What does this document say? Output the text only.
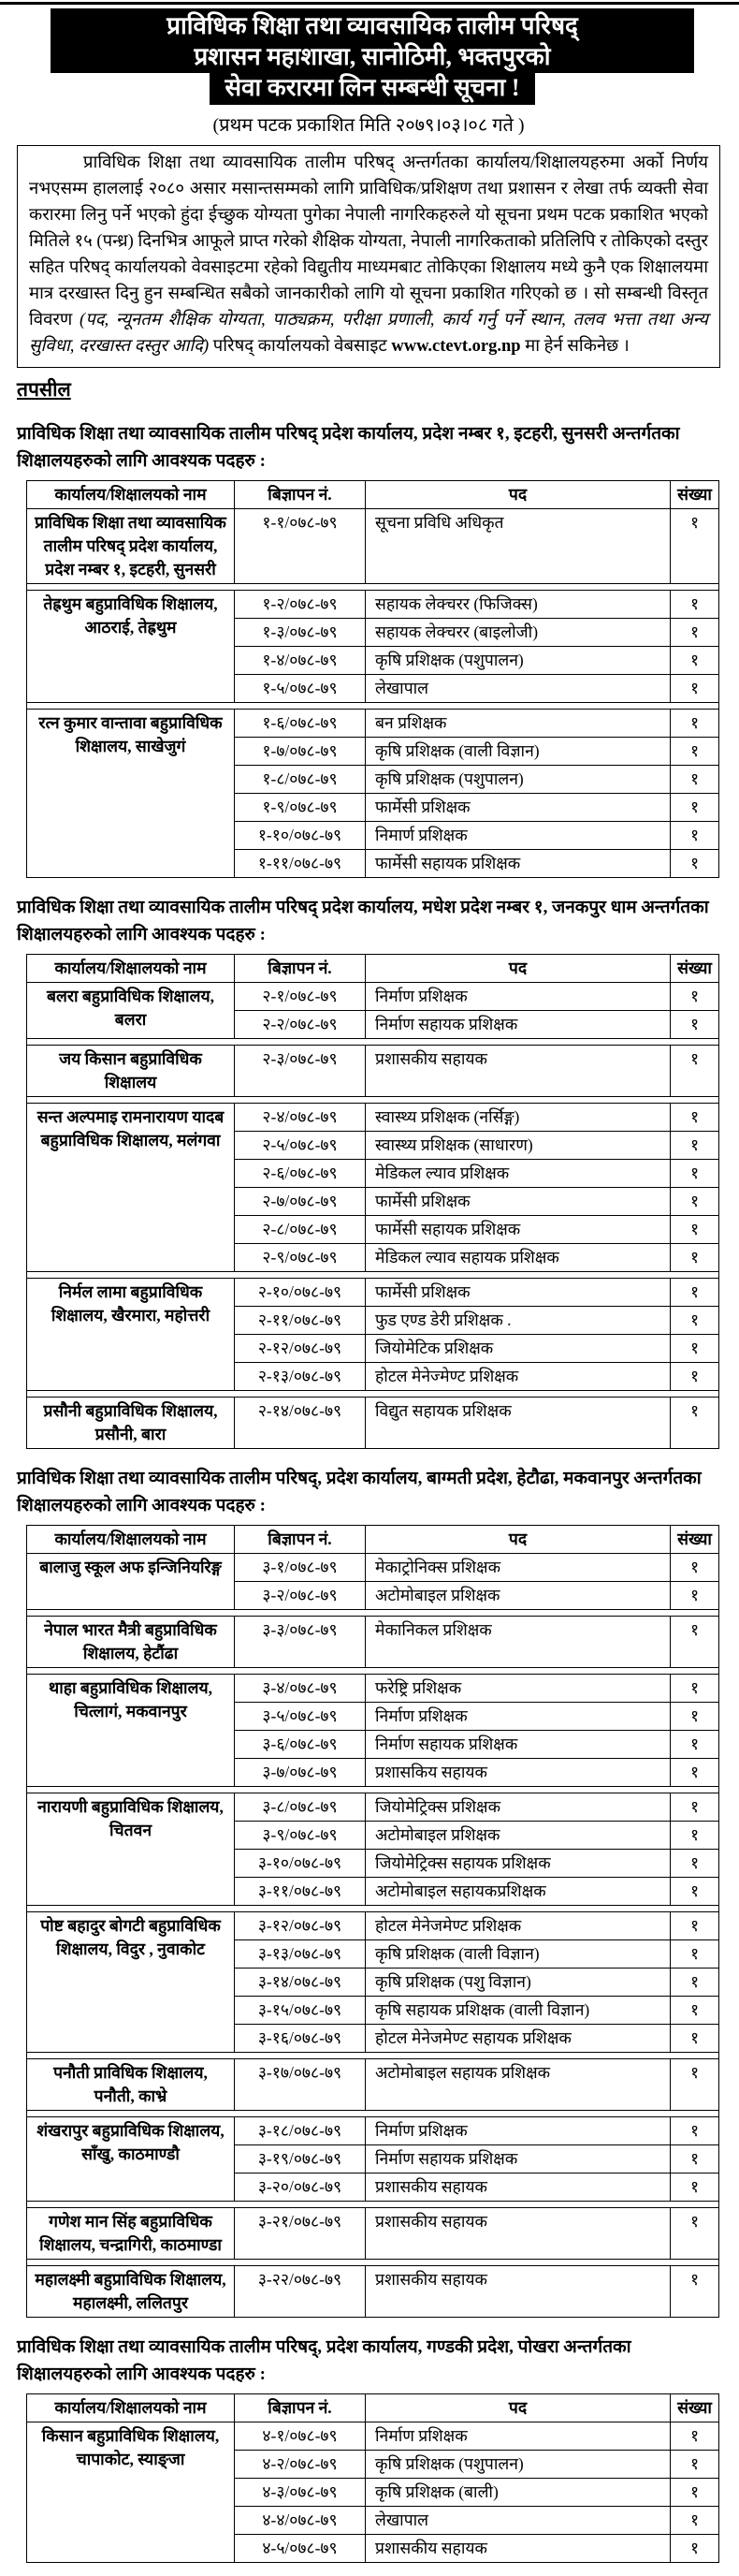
प्राविधिक शिक्षा तथा व्यावसायिक तालीम परिषद्
प्रशासन महाशाखा, सानोठिमी, भक्तपुरको
सेवा करारमा लिन सम्बन्धी सूचना !
(प्रथम पटक प्रकाशित मिति २०७९।०३।०८ गते )

प्राविधिक शिक्षा तथा व्यावसायिक तालीम परिषद् अन्तर्गतका कार्यालय/शिक्षालयहरुमा अर्को निर्णय नभएसम्म हाललाई २०८० असार मसान्तसम्मको लागि प्राविधिक/प्रशिक्षण तथा प्रशासन र लेखा तर्फ व्यक्ती सेवा करारमा लिनु पर्ने भएको हुंदा ईच्छुक योग्यता पुगेका नेपाली नागरिकहरुले यो सूचना प्रथम पटक प्रकाशित भएको मितिले १५ (पन्ध्र) दिनभित्र आफूले प्राप्त गरेको शैक्षिक योग्यता, नेपाली नागरिकताको प्रतिलिपि र तोकिएको दस्तुर सहित परिषद् कार्यालयको वेवसाइटमा रहेको विद्युतीय माध्यमबाट तोकिएका शिक्षालय मध्ये कुनै एक शिक्षालयमा मात्र दरखास्त दिनु हुन सम्बन्धित सबैको जानकारीको लागि यो सूचना प्रकाशित गरिएको छ । सो सम्बन्धी विस्तृत विवरण (पद, न्यूनतम शैक्षिक योग्यता, पाठ्यक्रम, परीक्षा प्रणाली, कार्य गर्नु पर्ने स्थान, तलव भत्ता तथा अन्य सुविधा, दरखास्त दस्तुर आदि) परिषद् कार्यालयको वेबसाइट www.ctevt.org.np मा हेर्न सकिनेछ ।

तपसील
प्राविधिक शिक्षा तथा व्यावसायिक तालीम परिषद् प्रदेश कार्यालय, प्रदेश नम्बर १, इटहरी, सुनसरी अन्तर्गतका शिक्षालयहरुको लागि आवश्यक पदहरु :
कार्यालय/शिक्षालयको नाम	बिज्ञापन नं.	पद	संख्या
प्राविधिक शिक्षा तथा व्यावसायिक तालीम परिषद् प्रदेश कार्यालय, प्रदेश नम्बर १, इटहरी, सुनसरी	१-१/०७८-७९	सूचना प्रविधि अधिकृत	१

तेह्रथुम बहुप्राविधिक शिक्षालय, आठराई, तेह्रथुम	१-२/०७८-७९	सहायक लेक्चरर (फिजिक्स)	१
	१-३/०७८-७९	सहायक लेक्चरर (बाइलोजी)	१
	१-४/०७८-७९	कृषि प्रशिक्षक (पशुपालन)	१
	१-५/०७८-७९	लेखापाल	१

रत्न कुमार वान्तावा बहुप्राविधिक शिक्षालय, साखेजुगं	१-६/०७८-७९	बन प्रशिक्षक	१
	१-७/०७८-७९	कृषि प्रशिक्षक (वाली विज्ञान)	१
	१-८/०७८-७९	कृषि प्रशिक्षक (पशुपालन)	१
	१-९/०७८-७९	फार्मेसी प्रशिक्षक	१
	१-१०/०७८-७९	निमार्ण प्रशिक्षक	१
	१-११/०७८-७९	फार्मेसी सहायक प्रशिक्षक	१
प्राविधिक शिक्षा तथा व्यावसायिक तालीम परिषद् प्रदेश कार्यालय, मधेश प्रदेश नम्बर १, जनकपुर धाम अन्तर्गतका शिक्षालयहरुको लागि आवश्यक पदहरु :
कार्यालय/शिक्षालयको नाम	बिज्ञापन नं.	पद	संख्या
बलरा बहुप्राविधिक शिक्षालय, बलरा	२-१/०७८-७९	निर्माण प्रशिक्षक	१
	२-२/०७८-७९	निर्माण सहायक प्रशिक्षक	१

जय किसान बहुप्राविधिक शिक्षालय	२-३/०७८-७९	प्रशासकीय सहायक	१

सन्त अल्पमाइ रामनारायण यादब बहुप्राविधिक शिक्षालय, मलंगवा	२-४/०७८-७९	स्वास्थ्य प्रशिक्षक (नर्सिङ्ग)	१
	२-५/०७८-७९	स्वास्थ्य प्रशिक्षक (साधारण)	१
	२-६/०७८-७९	मेडिकल ल्याव प्रशिक्षक	१
	२-७/०७८-७९	फार्मेसी प्रशिक्षक	१
	२-८/०७८-७९	फार्मेसी सहायक प्रशिक्षक	१
	२-९/०७८-७९	मेडिकल ल्याव सहायक प्रशिक्षक	१

निर्मल लामा बहुप्राविधिक शिक्षालय, खैरमारा, महोत्तरी	२-१०/०७८-७९	फार्मेसी प्रशिक्षक	१
	२-११/०७८-७९	फुड एण्ड डेरी प्रशिक्षक .	१
	२-१२/०७८-७९	जियोमेटिक प्रशिक्षक	१
	२-१३/०७८-७९	होटल मेनेज्मेण्ट प्रशिक्षक	१

प्रसौनी बहुप्राविधिक शिक्षालय, प्रसौनी, बारा	२-१४/०७८-७९	विद्युत सहायक प्रशिक्षक	१
प्राविधिक शिक्षा तथा व्यावसायिक तालीम परिषद्, प्रदेश कार्यालय, बाग्मती प्रदेश, हेटौढा, मकवानपुर अन्तर्गतका शिक्षालयहरुको लागि आवश्यक पदहरु :
कार्यालय/शिक्षालयको नाम	बिज्ञापन नं.	पद	संख्या
बालाजु स्कूल अफ इन्जिनियरिङ्ग	३-१/०७८-७९	मेकाट्रोनिक्स प्रशिक्षक	१
	३-२/०७८-७९	अटोमोबाइल प्रशिक्षक	१

नेपाल भारत मैत्री बहुप्राविधिक शिक्षालय, हेटौंढा	३-३/०७८-७९	मेकानिकल प्रशिक्षक	१

थाहा बहुप्राविधिक शिक्षालय, चित्लागं, मकवानपुर	३-४/०७८-७९	फरेष्ट्रि प्रशिक्षक	१
	३-५/०७८-७९	निर्माण प्रशिक्षक	१
	३-६/०७८-७९	निर्माण सहायक प्रशिक्षक	१
	३-७/०७८-७९	प्रशासकिय सहायक	१

नारायणी बहुप्राविधिक शिक्षालय, चितवन	३-८/०७८-७९	जियोमेट्रिक्स प्रशिक्षक	१
	३-९/०७८-७९	अटोमोबाइल प्रशिक्षक	१
	३-१०/०७८-७९	जियोमेट्रिक्स सहायक प्रशिक्षक	१
	३-११/०७८-७९	अटोमोबाइल सहायकप्रशिक्षक	१

पोष्ट बहादुर बोगटी बहुप्राविधिक शिक्षालय, विदुर , नुवाकोट	३-१२/०७८-७९	होटल मेनेजमेण्ट प्रशिक्षक	१
	३-१३/०७८-७९	कृषि प्रशिक्षक (वाली विज्ञान)	१
	३-१४/०७८-७९	कृषि प्रशिक्षक (पशु विज्ञान)	१
	३-१५/०७८-७९	कृषि सहायक प्रशिक्षक (वाली विज्ञान)	१
	३-१६/०७८-७९	होटल मेनेजमेण्ट सहायक प्रशिक्षक	१

पनौती प्राविधिक शिक्षालय, पनौती, काभ्रे	३-१७/०७८-७९	अटोमोबाइल सहायक प्रशिक्षक	१

शंखरापुर बहुप्राविधिक शिक्षालय, साँखु, काठमाण्डौ	३-१८/०७८-७९	निर्माण प्रशिक्षक	१
	३-१९/०७८-७९	निर्माण सहायक प्रशिक्षक	१
	३-२०/०७८-७९	प्रशासकीय सहायक	१

गणेश मान सिंह बहुप्राविधिक शिक्षालय, चन्द्रागिरी, काठमाण्डा	३-२१/०७८-७९	प्रशासकीय सहायक	१

महालक्ष्मी बहुप्राविधिक शिक्षालय, महालक्ष्मी, ललितपुर	३-२२/०७८-७९	प्रशासकीय सहायक	१
प्राविधिक शिक्षा तथा व्यावसायिक तालीम परिषद्, प्रदेश कार्यालय, गण्डकी प्रदेश, पोखरा अन्तर्गतका शिक्षालयहरुको लागि आवश्यक पदहरु :
कार्यालय/शिक्षालयको नाम	बिज्ञापन नं.	पद	संख्या
किसान बहुप्राविधिक शिक्षालय, चापाकोट, स्याङ्जा	४-१/०७८-७९	निर्माण प्रशिक्षक	१
	४-२/०७८-७९	कृषि प्रशिक्षक (पशुपालन)	१
	४-३/०७८-७९	कृषि प्रशिक्षक (बाली)	१
	४-४/०७८-७९	लेखापाल	१
	४-५/०७८-७९	प्रशासकीय सहायक	१
